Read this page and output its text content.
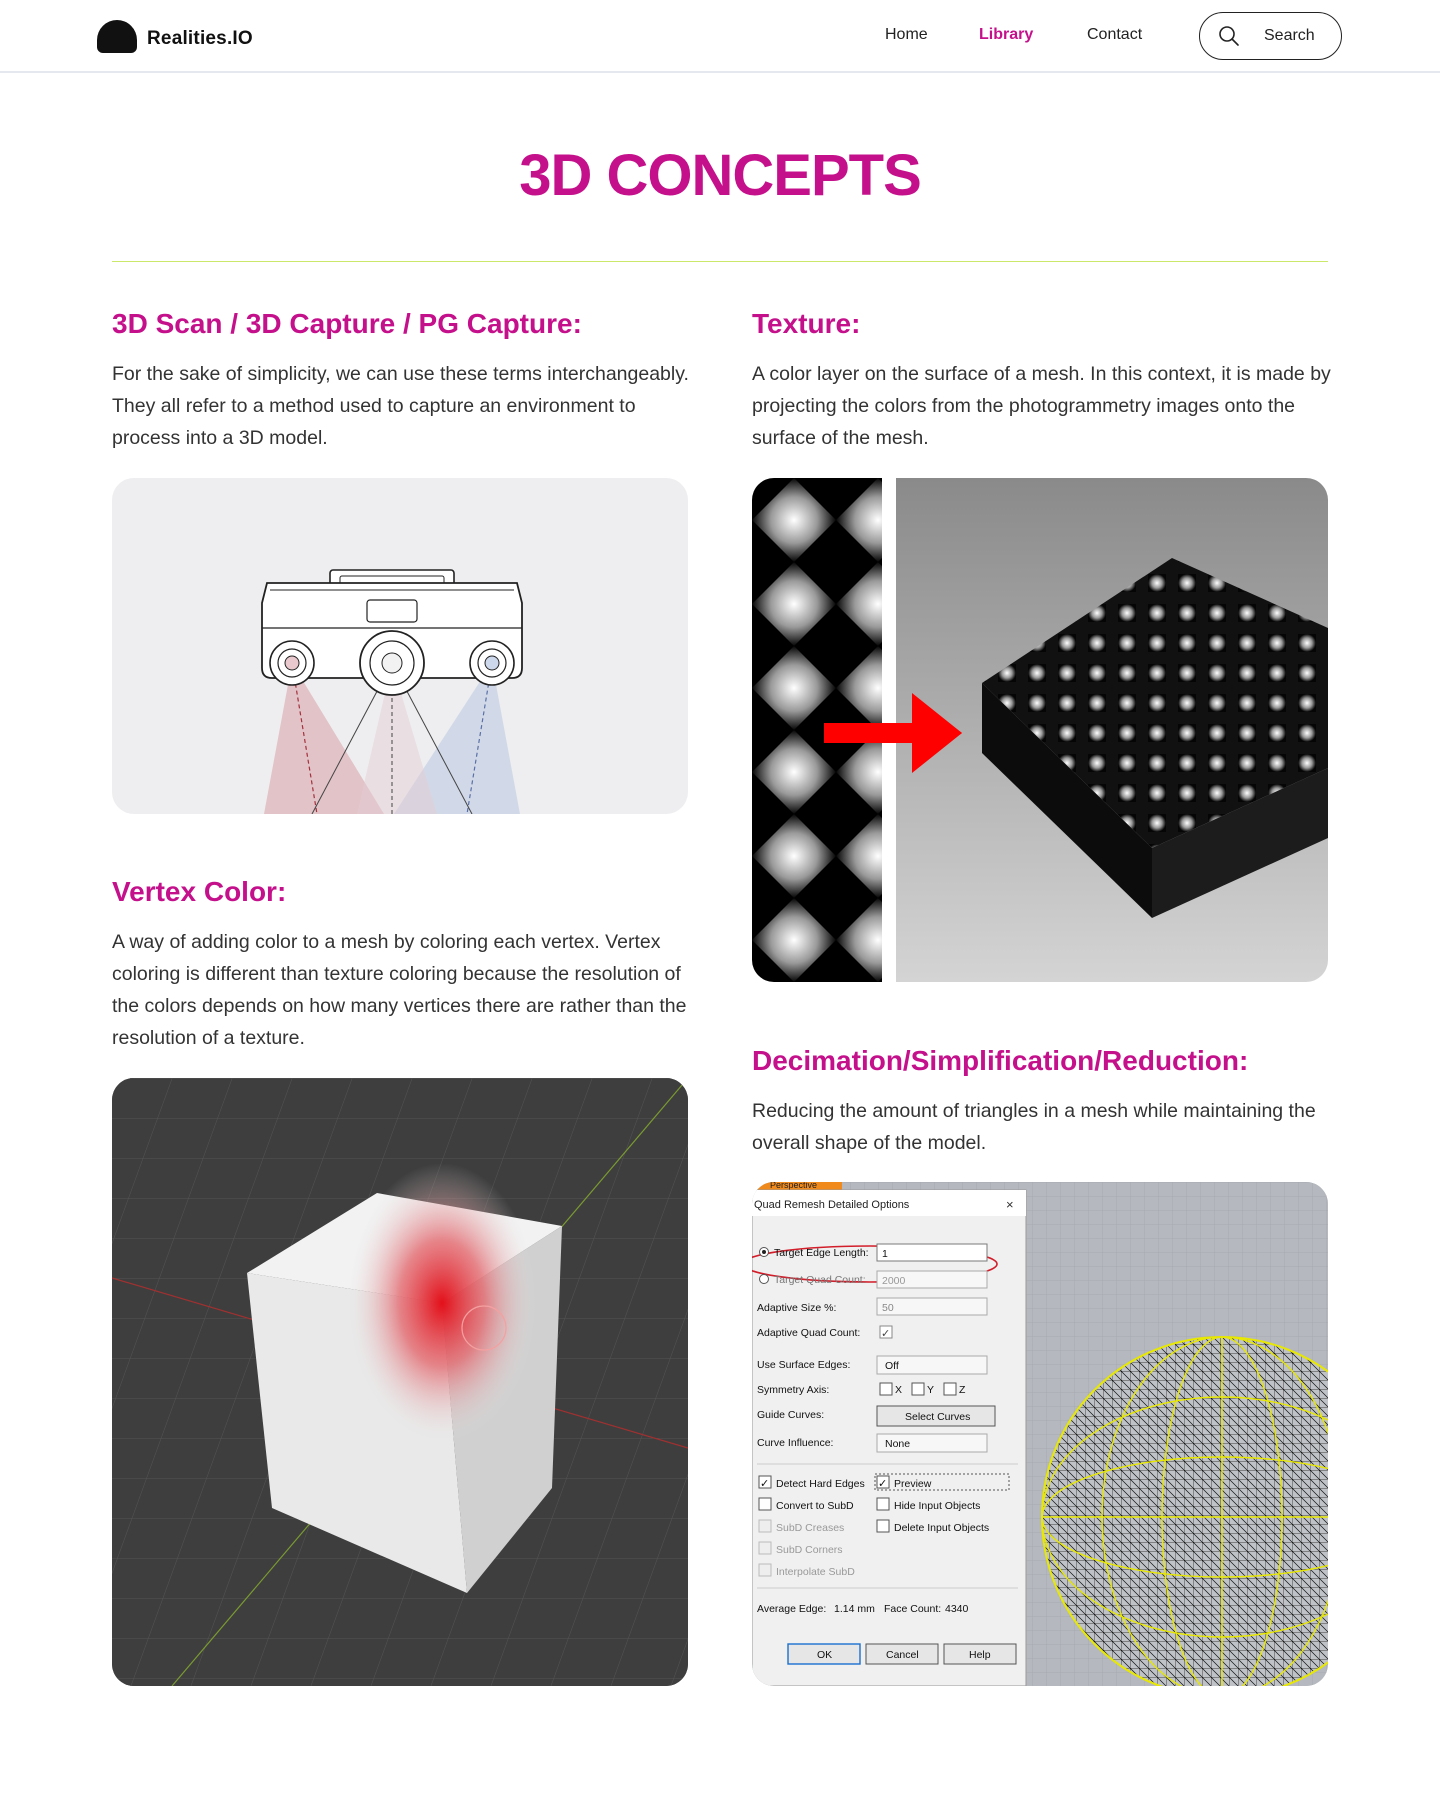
Realities.IO	Home	Library	Contact	Search
3D CONCEPTS
3D Scan / 3D Capture / PG Capture:

For the sake of simplicity, we can use these terms interchangeably. They all refer to a method used to capture an environment to process into a 3D model.

Texture:

A color layer on the surface of a mesh. In this context, it is made by projecting the colors from the photogrammetry images onto the surface of the mesh.

Vertex Color:

A way of adding color to a mesh by coloring each vertex. Vertex coloring is different than texture coloring because the resolution of the colors depends on how many vertices there are rather than the resolution of a texture.

Decimation/Simplification/Reduction:

Reducing the amount of triangles in a mesh while maintaining the overall shape of the model.

Perspective
Quad Remesh Detailed Options	×
Target Edge Length: 1
Target Quad Count: 2000
Adaptive Size %:	50
Adaptive Quad Count: ✓
Use Surface Edges:	Off
Symmetry Axis:	X Y Z
Guide Curves:	Select Curves
Curve Influence:	None
✓ Detect Hard Edges ✓ Preview
Convert to SubD	Hide Input Objects
SubD Creases	Delete Input Objects
SubD Corners
Interpolate SubD
Average Edge: 1.14 mm Face Count: 4340
OK	Cancel	Help
